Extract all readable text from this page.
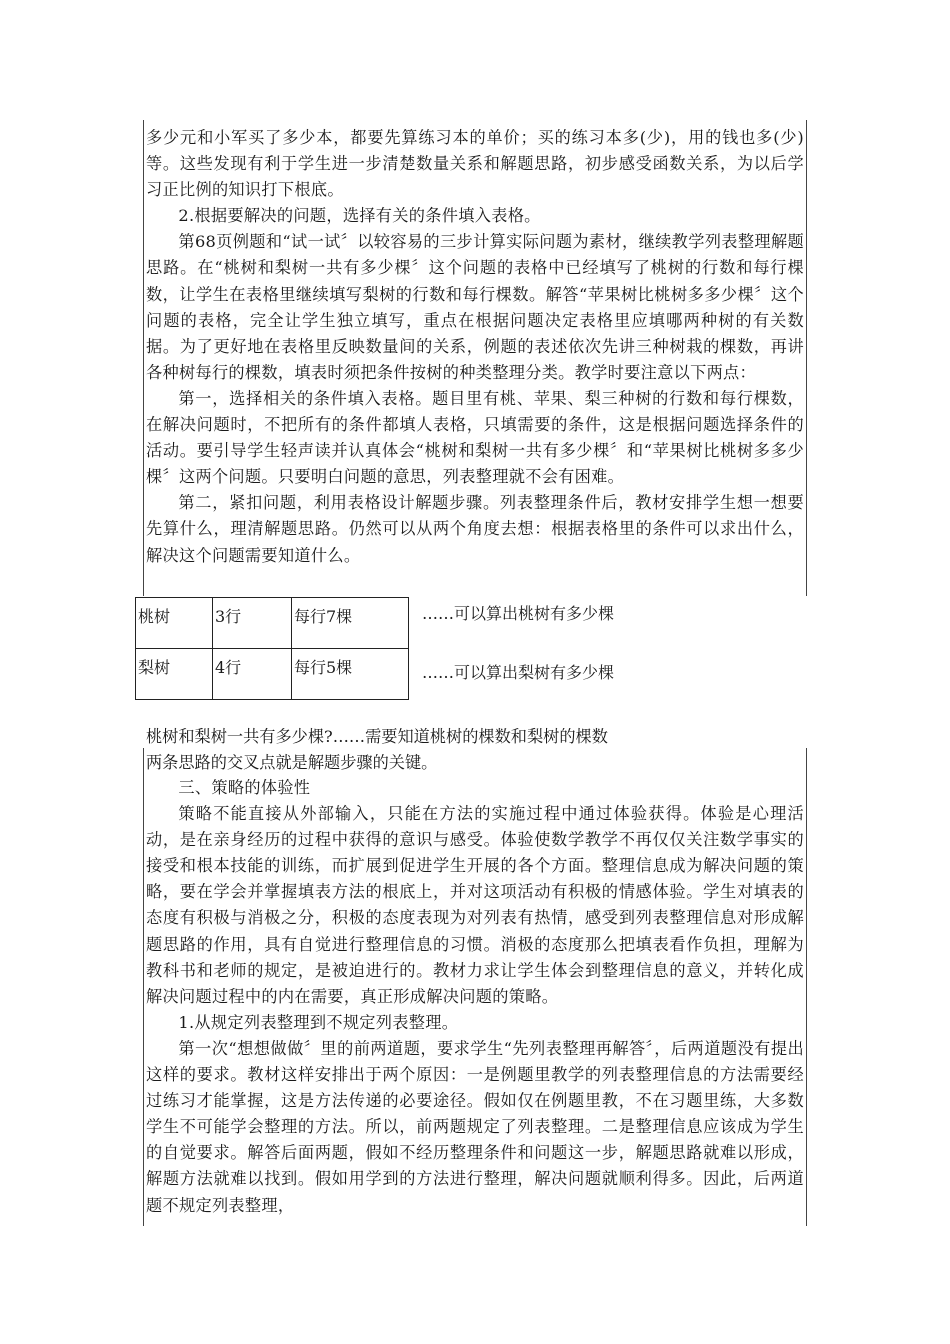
多少元和小军买了多少本，都要先算练习本的单价；买的练习本多(少)，用的钱也多(少)等。这些发现有利于学生进一步清楚数量关系和解题思路，初步感受函数关系，为以后学习正比例的知识打下根底。

2.根据要解决的问题，选择有关的条件填入表格。

第68页例题和“试一试〞以较容易的三步计算实际问题为素材，继续教学列表整理解题思路。在“桃树和梨树一共有多少棵〞这个问题的表格中已经填写了桃树的行数和每行棵数，让学生在表格里继续填写梨树的行数和每行棵数。解答“苹果树比桃树多多少棵〞这个问题的表格，完全让学生独立填写，重点在根据问题决定表格里应填哪两种树的有关数据。为了更好地在表格里反映数量间的关系，例题的表述依次先讲三种树栽的棵数，再讲各种树每行的棵数，填表时须把条件按树的种类整理分类。教学时要注意以下两点：

第一，选择相关的条件填入表格。题目里有桃、苹果、梨三种树的行数和每行棵数，在解决问题时，不把所有的条件都填人表格，只填需要的条件，这是根据问题选择条件的活动。要引导学生轻声读并认真体会“桃树和梨树一共有多少棵〞和“苹果树比桃树多多少棵〞这两个问题。只要明白问题的意思，列表整理就不会有困难。

第二，紧扣问题，利用表格设计解题步骤。列表整理条件后，教材安排学生想一想要先算什么，理清解题思路。仍然可以从两个角度去想：根据表格里的条件可以求出什么，解决这个问题需要知道什么。

桃树	3行	每行7棵
梨树	4行	每行5棵
……可以算出桃树有多少棵
……可以算出梨树有多少棵
桃树和梨树一共有多少棵?……需要知道桃树的棵数和梨树的棵数
两条思路的交叉点就是解题步骤的关键。

三、策略的体验性

策略不能直接从外部输入，只能在方法的实施过程中通过体验获得。体验是心理活动，是在亲身经历的过程中获得的意识与感受。体验使数学教学不再仅仅关注数学事实的接受和根本技能的训练，而扩展到促进学生开展的各个方面。整理信息成为解决问题的策略，要在学会并掌握填表方法的根底上，并对这项活动有积极的情感体验。学生对填表的态度有积极与消极之分，积极的态度表现为对列表有热情，感受到列表整理信息对形成解题思路的作用，具有自觉进行整理信息的习惯。消极的态度那么把填表看作负担，理解为教科书和老师的规定，是被迫进行的。教材力求让学生体会到整理信息的意义，并转化成解决问题过程中的内在需要，真正形成解决问题的策略。

1.从规定列表整理到不规定列表整理。

第一次“想想做做〞里的前两道题，要求学生“先列表整理再解答〞，后两道题没有提出这样的要求。教材这样安排出于两个原因：一是例题里教学的列表整理信息的方法需要经过练习才能掌握，这是方法传递的必要途径。假如仅在例题里教，不在习题里练，大多数学生不可能学会整理的方法。所以，前两题规定了列表整理。二是整理信息应该成为学生的自觉要求。解答后面两题，假如不经历整理条件和问题这一步，解题思路就难以形成，解题方法就难以找到。假如用学到的方法进行整理，解决问题就顺利得多。因此，后两道题不规定列表整理，
